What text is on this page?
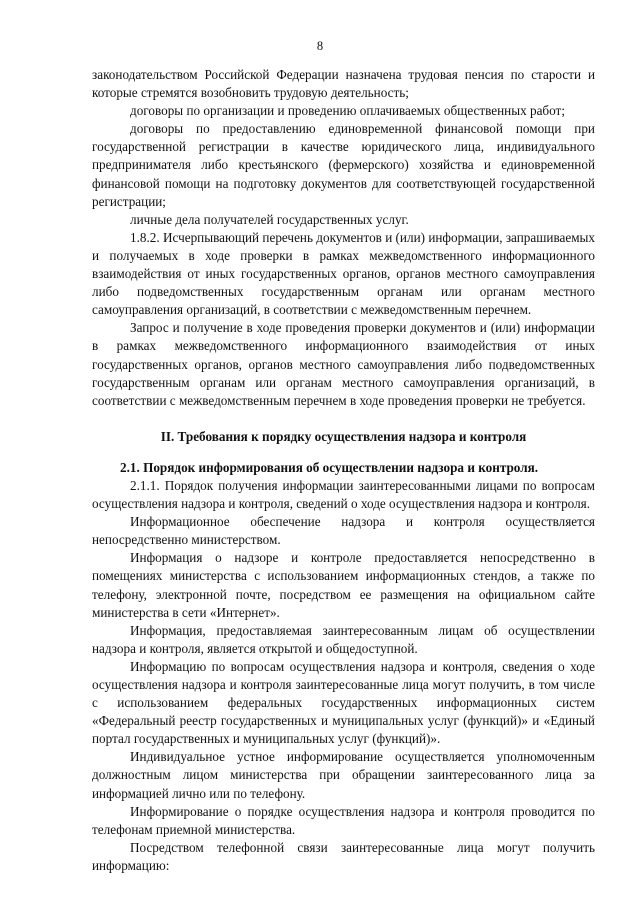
8

законодательством Российской Федерации назначена трудовая пенсия по старости и которые стремятся возобновить трудовую деятельность;

договоры по организации и проведению оплачиваемых общественных работ;

договоры по предоставлению единовременной финансовой помощи при государственной регистрации в качестве юридического лица, индивидуального предпринимателя либо крестьянского (фермерского) хозяйства и единовременной финансовой помощи на подготовку документов для соответствующей государственной регистрации;

личные дела получателей государственных услуг.

1.8.2. Исчерпывающий перечень документов и (или) информации, запрашиваемых и получаемых в ходе проверки в рамках межведомственного информационного взаимодействия от иных государственных органов, органов местного самоуправления либо подведомственных государственным органам или органам местного самоуправления организаций, в соответствии с межведомственным перечнем.

Запрос и получение в ходе проведения проверки документов и (или) информации в рамках межведомственного информационного взаимодействия от иных государственных органов, органов местного самоуправления либо подведомственных государственным органам или органам местного самоуправления организаций, в соответствии с межведомственным перечнем в ходе проведения проверки не требуется.

II. Требования к порядку осуществления надзора и контроля
2.1. Порядок информирования об осуществлении надзора и контроля.

2.1.1. Порядок получения информации заинтересованными лицами по вопросам осуществления надзора и контроля, сведений о ходе осуществления надзора и контроля.

Информационное обеспечение надзора и контроля осуществляется непосредственно министерством.

Информация о надзоре и контроле предоставляется непосредственно в помещениях министерства с использованием информационных стендов, а также по телефону, электронной почте, посредством ее размещения на официальном сайте министерства в сети «Интернет».

Информация, предоставляемая заинтересованным лицам об осуществлении надзора и контроля, является открытой и общедоступной.

Информацию по вопросам осуществления надзора и контроля, сведения о ходе осуществления надзора и контроля заинтересованные лица могут получить, в том числе с использованием федеральных государственных информационных систем «Федеральный реестр государственных и муниципальных услуг (функций)» и «Единый портал государственных и муниципальных услуг (функций)».

Индивидуальное устное информирование осуществляется уполномоченным должностным лицом министерства при обращении заинтересованного лица за информацией лично или по телефону.

Информирование о порядке осуществления надзора и контроля проводится по телефонам приемной министерства.

Посредством телефонной связи заинтересованные лица могут получить информацию:
